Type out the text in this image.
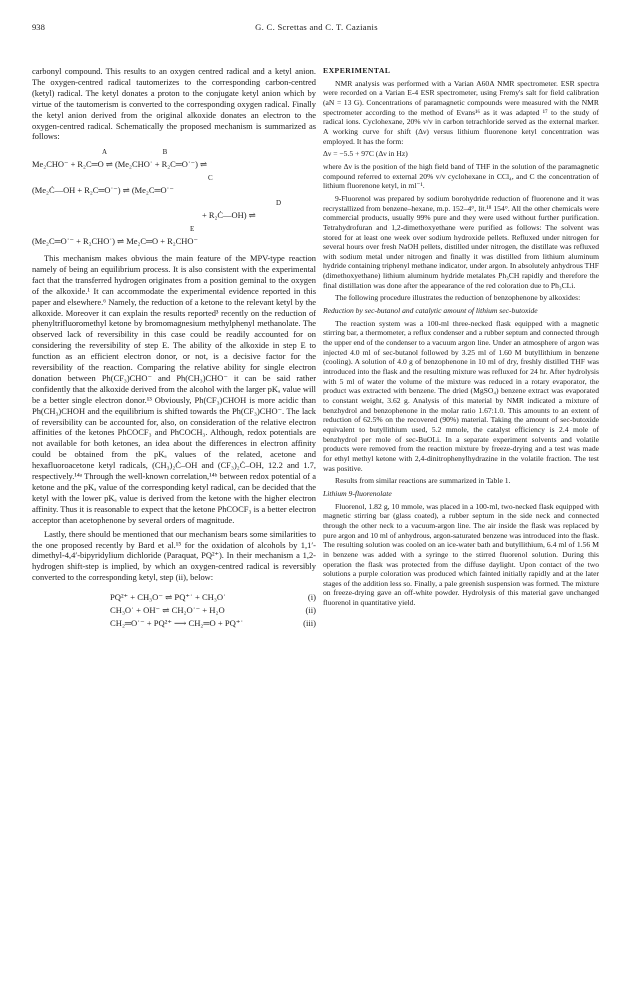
938	G. C. Screttas and C. T. Cazianis

carbonyl compound. This results to an oxygen centred radical and a ketyl anion. The oxygen-centred radical tautomerizes to the corresponding carbon-centred (ketyl) radical. The ketyl donates a proton to the conjugate ketyl anion which by virtue of the tautomerism is converted to the corresponding oxygen radical. Finally the ketyl anion derived from the original alkoxide donates an electron to the oxygen-centred radical. Schematically the proposed mechanism is summarized as follows:

A                                B

Me₂CHO⁻ + R₂C═O ⇌ (Me₂CHO˙ + R₂C═O˙⁻) ⇌

C

(Me₂Ċ—OH + R₂C═O˙⁻) ⇌ (Me₂C═O˙⁻

D

+ R₂Ċ—OH) ⇌

E

(Me₂C═O˙⁻ + R₂CHO˙) ⇌ Me₂C═O + R₂CHO⁻

This mechanism makes obvious the main feature of the MPV-type reaction namely of being an equilibrium process. It is also consistent with the experimental fact that the transferred hydrogen originates from a position geminal to the oxygen of the alkoxide.¹ It can accommodate the experimental evidence reported in this paper and elsewhere.⁶ Namely, the reduction of a ketone to the relevant ketyl by the alkoxide. Moreover it can explain the results reported³ recently on the reduction of phenyltrifluoromethyl ketone by bromomagnesium methylphenyl methanolate. The observed lack of reversibility in this case could be readily accounted for on considering the reversibility of step E. The ability of the alkoxide in step E to function as an efficient electron donor, or not, is a decisive factor for the reversibility of the reaction. Comparing the relative ability for single electron donation between Ph(CF₃)CHO⁻ and Ph(CH₃)CHO⁻ it can be said rather confidently that the alkoxide derived from the alcohol with the larger pKₐ value will be a better single electron donor.¹³ Obviously, Ph(CF₃)CHOH is more acidic than Ph(CH₃)CHOH and the equilibrium is shifted towards the Ph(CF₃)CHO⁻. The lack of reversibility can be accounted for, also, on consideration of the relative electron affinities of the ketones PhCOCF₃ and PhCOCH₃. Although, redox potentials are not available for both ketones, an idea about the differences in electron affinity could be obtained from the pKₐ values of the related, acetone and hexafluoroacetone ketyl radicals, (CH₃)₂Ċ–OH and (CF₃)₂Ċ–OH, 12.2 and 1.7, respectively.¹⁴ᵃ Through the well-known correlation,¹⁴ᵇ between redox potential of a ketone and the pKₐ value of the corresponding ketyl radical, can be decided that the ketyl with the lower pKₐ value is derived from the ketone with the higher electron affinity. Thus it is reasonable to expect that the ketone PhCOCF₃ is a better electron acceptor than acetophenone by several orders of magnitude.

Lastly, there should be mentioned that our mechanism bears some similarities to the one proposed recently by Bard et al.¹⁵ for the oxidation of alcohols by 1,1′-dimethyl-4,4′-bipyridylium dichloride (Paraquat, PQ²⁺). In their mechanism a 1,2-hydrogen shift-step is implied, by which an oxygen-centred radical is reversibly converted to the corresponding ketyl, step (ii), below:

PQ²⁺ + CH₃O⁻ ⇌ PQ⁺˙ + CH₃O˙	(i)
CH₃O˙ + OH⁻ ⇌ CH₂O˙⁻ + H₂O	(ii)
CH₂═O˙⁻ + PQ²⁺ ⟶ CH₂═O + PQ⁺˙	(iii)

EXPERIMENTAL

NMR analysis was performed with a Varian A60A NMR spectrometer. ESR spectra were recorded on a Varian E-4 ESR spectrometer, using Fremy's salt for field calibration (aN = 13 G). Concentrations of paramagnetic compounds were measured with the NMR spectrometer according to the method of Evans¹⁶ as it was adapted ¹⁷ to the study of radical ions. Cyclohexane, 20% v/v in carbon tetrachloride served as the external marker. A working curve for shift (Δν) versus lithium fluorenone ketyl concentration was employed. It has the form:

Δν = −5.5 + 97C (Δν in Hz)

where Δν is the position of the high field band of THF in the solution of the paramagnetic compound referred to external 20% v/v cyclohexane in CCl₄, and C the concentration of lithium fluorenone ketyl, in ml⁻¹.

9-Fluorenol was prepared by sodium borohydride reduction of fluorenone and it was recrystallized from benzene–hexane, m.p. 152–4°, lit.¹⁸ 154°. All the other chemicals were commercial products, usually 99% pure and they were used without further purification. Tetrahydrofuran and 1,2-dimethoxyethane were purified as follows: The solvent was stored for at least one week over sodium hydroxide pellets. Refluxed under nitrogen for several hours over fresh NaOH pellets, distilled under nitrogen, the distillate was refluxed with sodium metal under nitrogen and finally it was distilled from lithium aluminum hydride containing triphenyl methane indicator, under argon. In absolutely anhydrous THF (dimethoxyethane) lithium aluminum hydride metalates Ph₃CH rapidly and therefore the final distillation was done after the appearance of the red coloration due to Ph₃CLi.

The following procedure illustrates the reduction of benzophenone by alkoxides:

Reduction by sec-butanol and catalytic amount of lithium sec-butoxide

The reaction system was a 100-ml three-necked flask equipped with a magnetic stirring bar, a thermometer, a reflux condenser and a rubber septum and connected through the upper end of the condenser to a vacuum argon line. Under an atmosphere of argon was injected 4.0 ml of sec-butanol followed by 3.25 ml of 1.60 M butyllithium in benzene (cooling). A solution of 4.0 g of benzophenone in 10 ml of dry, freshly distilled THF was introduced into the flask and the resulting mixture was refluxed for 24 hr. After hydrolysis with 5 ml of water the volume of the mixture was reduced in a rotary evaporator, the product was extracted with benzene. The dried (MgSO₄) benzene extract was evaporated to constant weight, 3.62 g. Analysis of this material by NMR indicated a mixture of benzhydrol and benzophenone in the molar ratio 1.67:1.0. This amounts to an extent of reduction of 62.5% on the recovered (90%) material. Taking the amount of sec-butoxide equivalent to butyllithium used, 5.2 mmole, the catalyst efficiency is 2.4 mole of benzhydrol per mole of sec-BuOLi. In a separate experiment solvents and volatile products were removed from the reaction mixture by freeze-drying and a test was made for ethyl methyl ketone with 2,4-dinitrophenylhydrazine in the volatile fraction. The test was positive.

Results from similar reactions are summarized in Table 1.

Lithium 9-fluorenolate

Fluorenol, 1.82 g, 10 mmole, was placed in a 100-ml, two-necked flask equipped with magnetic stirring bar (glass coated), a rubber septum in the side neck and connected through the other neck to a vacuum-argon line. The air inside the flask was replaced by pure argon and 10 ml of anhydrous, argon-saturated benzene was introduced into the flask. The resulting solution was cooled on an ice-water bath and butyllithium, 6.4 ml of 1.56 M in benzene was added with a syringe to the stirred fluorenol solution. During this operation the flask was protected from the diffuse daylight. Upon contact of the two solutions a purple coloration was produced which fainted initially rapidly and at the later stages of the addition less so. Finally, a pale greenish suspension was formed. The mixture on freeze-drying gave an off-white powder. Hydrolysis of this material gave unchanged fluorenol in quantitative yield.
